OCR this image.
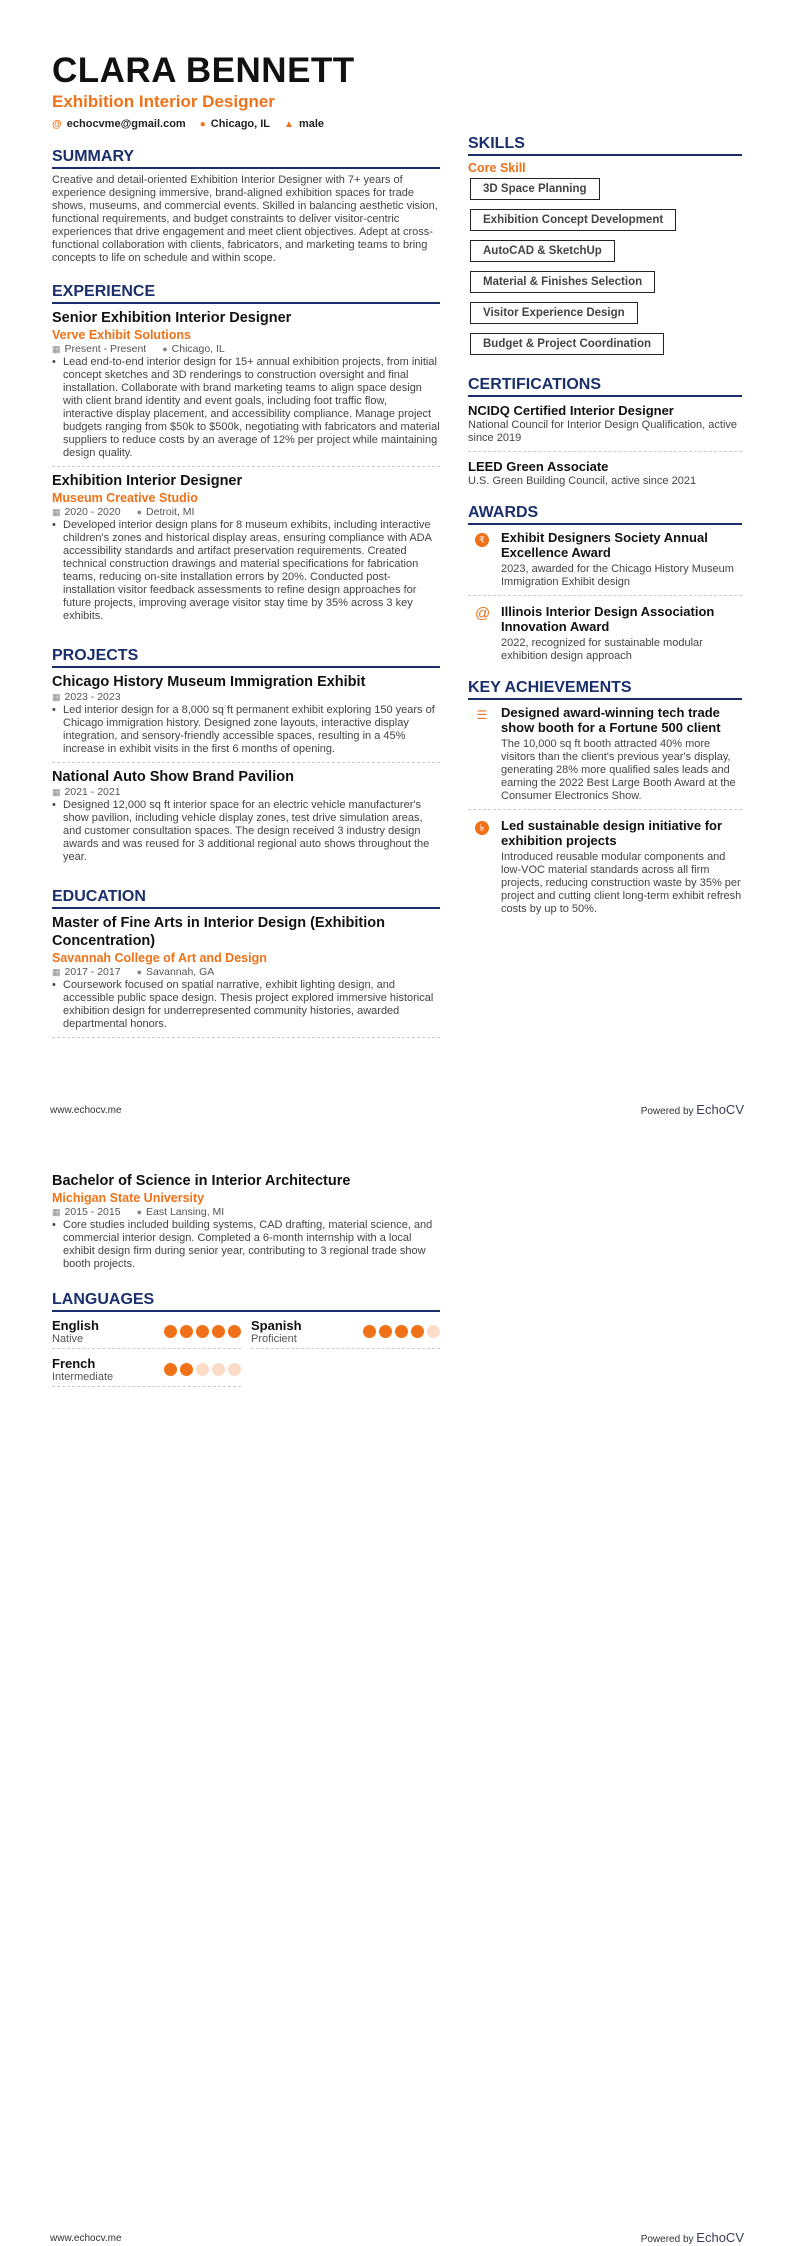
CLARA BENNETT
Exhibition Interior Designer
@ echocvme@gmail.com ● Chicago, IL ▲ male
SUMMARY
Creative and detail-oriented Exhibition Interior Designer with 7+ years of experience designing immersive, brand-aligned exhibition spaces for trade shows, museums, and commercial events. Skilled in balancing aesthetic vision, functional requirements, and budget constraints to deliver visitor-centric experiences that drive engagement and meet client objectives. Adept at cross-functional collaboration with clients, fabricators, and marketing teams to bring concepts to life on schedule and within scope.
EXPERIENCE
Senior Exhibition Interior Designer
Verve Exhibit Solutions
▦ Present - Present ● Chicago, IL
• Lead end-to-end interior design for 15+ annual exhibition projects, from initial concept sketches and 3D renderings to construction oversight and final installation. Collaborate with brand marketing teams to align space design with client brand identity and event goals, including foot traffic flow, interactive display placement, and accessibility compliance. Manage project budgets ranging from $50k to $500k, negotiating with fabricators and material suppliers to reduce costs by an average of 12% per project while maintaining design quality.
Exhibition Interior Designer
Museum Creative Studio
▦ 2020 - 2020 ● Detroit, MI
• Developed interior design plans for 8 museum exhibits, including interactive children's zones and historical display areas, ensuring compliance with ADA accessibility standards and artifact preservation requirements. Created technical construction drawings and material specifications for fabrication teams, reducing on-site installation errors by 20%. Conducted post-installation visitor feedback assessments to refine design approaches for future projects, improving average visitor stay time by 35% across 3 key exhibits.
PROJECTS
Chicago History Museum Immigration Exhibit
▦ 2023 - 2023
• Led interior design for a 8,000 sq ft permanent exhibit exploring 150 years of Chicago immigration history. Designed zone layouts, interactive display integration, and sensory-friendly accessible spaces, resulting in a 45% increase in exhibit visits in the first 6 months of opening.
National Auto Show Brand Pavilion
▦ 2021 - 2021
• Designed 12,000 sq ft interior space for an electric vehicle manufacturer's show pavilion, including vehicle display zones, test drive simulation areas, and customer consultation spaces. The design received 3 industry design awards and was reused for 3 additional regional auto shows throughout the year.
EDUCATION
Master of Fine Arts in Interior Design (Exhibition Concentration)
Savannah College of Art and Design
▦ 2017 - 2017 ● Savannah, GA
• Coursework focused on spatial narrative, exhibit lighting design, and accessible public space design. Thesis project explored immersive historical exhibition design for underrepresented community histories, awarded departmental honors.
SKILLS
Core Skill
3D Space Planning
Exhibition Concept Development
AutoCAD & SketchUp
Material & Finishes Selection
Visitor Experience Design
Budget & Project Coordination
CERTIFICATIONS
NCIDQ Certified Interior Designer
National Council for Interior Design Qualification, active since 2019
LEED Green Associate
U.S. Green Building Council, active since 2021
AWARDS
₹	Exhibit Designers Society Annual Excellence Award
2023, awarded for the Chicago History Museum Immigration Exhibit design
@ Illinois Interior Design Association Innovation Award
2022, recognized for sustainable modular exhibition design approach
KEY ACHIEVEMENTS
☰ Designed award-winning tech trade show booth for a Fortune 500 client
The 10,000 sq ft booth attracted 40% more visitors than the client's previous year's display, generating 28% more qualified sales leads and earning the 2022 Best Large Booth Award at the Consumer Electronics Show.
৳	Led sustainable design initiative for exhibition projects
Introduced reusable modular components and low-VOC material standards across all firm projects, reducing construction waste by 35% per project and cutting client long-term exhibit refresh costs by up to 50%.
www.echocv.me	Powered by EchoCV
Bachelor of Science in Interior Architecture
Michigan State University
▦ 2015 - 2015 ● East Lansing, MI
• Core studies included building systems, CAD drafting, material science, and commercial interior design. Completed a 6-month internship with a local exhibit design firm during senior year, contributing to 3 regional trade show booth projects.
LANGUAGES
English
Native
Spanish
Proficient
French
Intermediate
www.echocv.me	Powered by EchoCV
